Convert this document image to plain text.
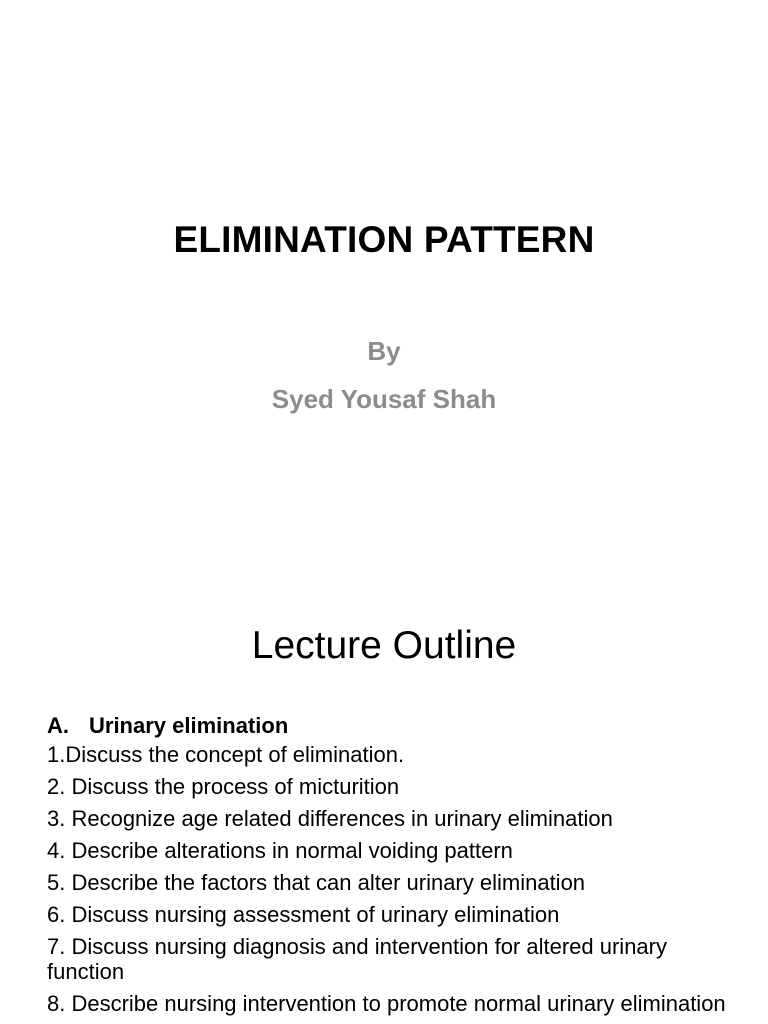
ELIMINATION PATTERN
By
Syed Yousaf Shah
Lecture Outline
A. Urinary elimination
1.Discuss the concept of elimination.
2. Discuss the process of micturition
3. Recognize age related differences in urinary elimination
4. Describe alterations in normal voiding pattern
5. Describe the factors that can alter urinary elimination
6. Discuss nursing assessment of urinary elimination
7. Discuss nursing diagnosis and intervention for altered urinary function
8. Describe nursing intervention to promote normal urinary elimination
